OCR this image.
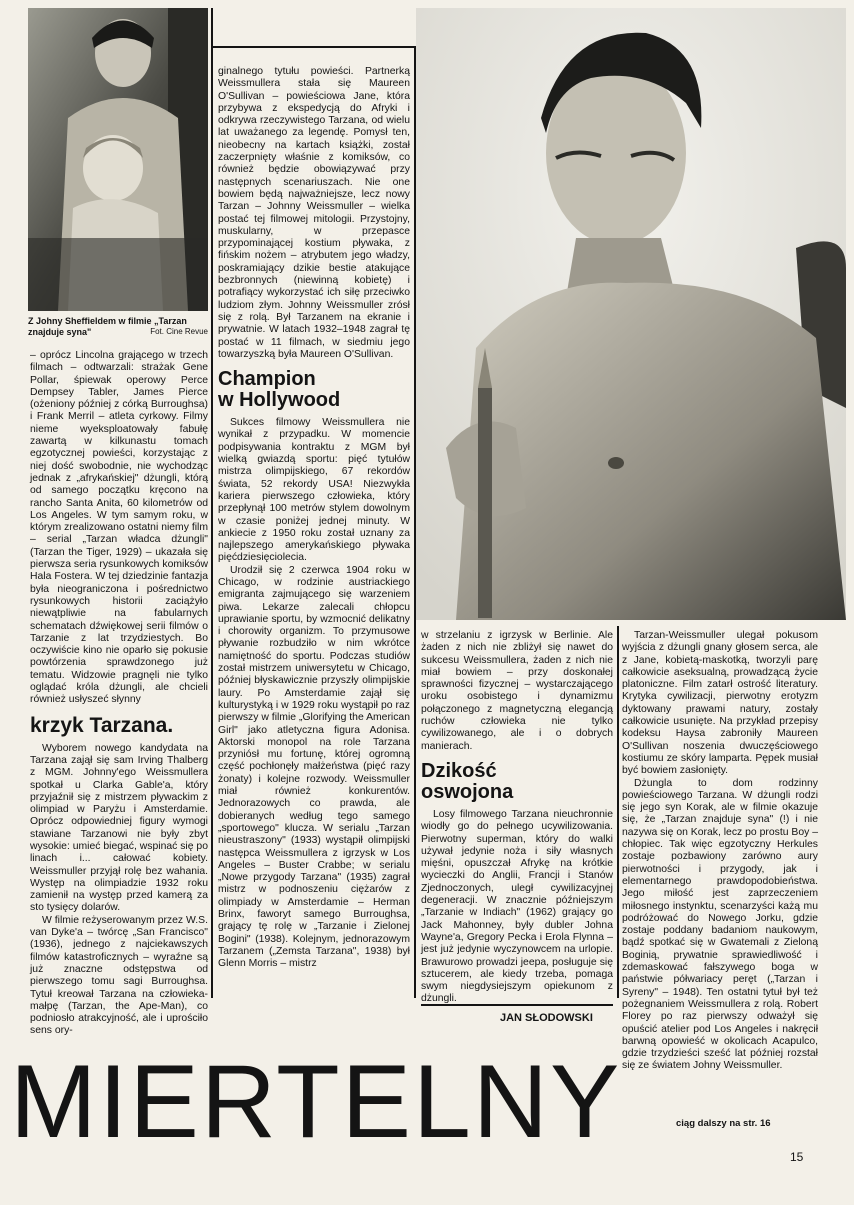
Z Johny Sheffieldem w filmie „Tarzan znajduje syna"	Fot. Cine Revue

– oprócz Lincolna grającego w trzech filmach – odtwarzali: strażak Gene Pollar, śpiewak operowy Perce Dempsey Tabler, James Pierce (ożeniony później z córką Burroughsa) i Frank Merril – atleta cyrkowy. Filmy nieme wyeksploatowały fabułę zawartą w kilkunastu tomach egzotycznej powieści, korzystając z niej dość swobodnie, nie wychodząc jednak z „afrykańskiej" dżungli, którą od samego początku kręcono na rancho Santa Anita, 60 kilometrów od Los Angeles. W tym samym roku, w którym zrealizowano ostatni niemy film – serial „Tarzan władca dżungli" (Tarzan the Tiger, 1929) – ukazała się pierwsza seria rysunkowych komiksów Hala Fostera. W tej dziedzinie fantazja była nieograniczona i pośrednictwo rysunkowych historii zaciążyło niewątpliwie na fabularnych schematach dźwiękowej serii filmów o Tarzanie z lat trzydziestych. Bo oczywiście kino nie oparło się pokusie powtórzenia sprawdzonego już tematu. Widzowie pragnęli nie tylko oglądać króla dżungli, ale chcieli również usłyszeć słynny

krzyk Tarzana.

Wyborem nowego kandydata na Tarzana zajął się sam Irving Thalberg z MGM. Johnny'ego Weissmullera spotkał u Clarka Gable'a, który przyjaźnił się z mistrzem pływackim z olimpiad w Paryżu i Amsterdamie. Oprócz odpowiedniej figury wymogi stawiane Tarzanowi nie były zbyt wysokie: umieć biegać, wspinać się po linach i... całować kobiety. Weissmuller przyjął rolę bez wahania. Występ na olimpiadzie 1932 roku zamienił na występ przed kamerą za sto tysięcy dolarów.

W filmie reżyserowanym przez W.S. van Dyke'a – twórcę „San Francisco" (1936), jednego z najciekawszych filmów katastroficznych – wyraźne są już znaczne odstępstwa od pierwszego tomu sagi Burroughsa. Tytuł kreował Tarzana na człowieka-małpę (Tarzan, the Ape-Man), co podniosło atrakcyjność, ale i uprościło sens ory-

ginalnego tytułu powieści. Partnerką Weissmullera stała się Maureen O'Sullivan – powieściowa Jane, która przybywa z ekspedycją do Afryki i odkrywa rzeczywistego Tarzana, od wielu lat uważanego za legendę. Pomysł ten, nieobecny na kartach książki, został zaczerpnięty właśnie z komiksów, co również będzie obowiązywać przy następnych scenariuszach. Nie one bowiem będą najważniejsze, lecz nowy Tarzan – Johnny Weissmuller – wielka postać tej filmowej mitologii. Przystojny, muskularny, w przepasce przypominającej kostium pływaka, z fińskim nożem – atrybutem jego władzy, poskramiający dzikie bestie atakujące bezbronnych (niewinną kobietę) i potrafiący wykorzystać ich siłę przeciwko ludziom złym. Johnny Weissmuller zrósł się z rolą. Był Tarzanem na ekranie i prywatnie. W latach 1932–1948 zagrał tę postać w 11 filmach, w siedmiu jego towarzyszką była Maureen O'Sullivan.

Champion
w Hollywood

Sukces filmowy Weissmullera nie wynikał z przypadku. W momencie podpisywania kontraktu z MGM był wielką gwiazdą sportu: pięć tytułów mistrza olimpijskiego, 67 rekordów świata, 52 rekordy USA! Niezwykła kariera pierwszego człowieka, który przepłynął 100 metrów stylem dowolnym w czasie poniżej jednej minuty. W ankiecie z 1950 roku został uznany za najlepszego amerykańskiego pływaka pięćdziesięciolecia.

Urodził się 2 czerwca 1904 roku w Chicago, w rodzinie austriackiego emigranta zajmującego się warzeniem piwa. Lekarze zalecali chłopcu uprawianie sportu, by wzmocnić delikatny i chorowity organizm. To przymusowe pływanie rozbudziło w nim wkrótce namiętność do sportu. Podczas studiów został mistrzem uniwersytetu w Chicago, później błyskawicznie przyszły olimpijskie laury. Po Amsterdamie zajął się kulturystyką i w 1929 roku wystąpił po raz pierwszy w filmie „Glorifying the American Girl" jako atletyczna figura Adonisa. Aktorski monopol na role Tarzana przyniósł mu fortunę, której ogromną część pochłonęły małżeństwa (pięć razy żonaty) i kolejne rozwody. Weissmuller miał również konkurentów. Jednorazowych co prawda, ale dobieranych według tego samego „sportowego" klucza. W serialu „Tarzan nieustraszony" (1933) wystąpił olimpijski następca Weissmullera z igrzysk w Los Angeles – Buster Crabbe; w serialu „Nowe przygody Tarzana" (1935) zagrał mistrz w podnoszeniu ciężarów z olimpiady w Amsterdamie – Herman Brinx, faworyt samego Burroughsa, grający tę rolę w „Tarzanie i Zielonej Bogini" (1938). Kolejnym, jednorazowym Tarzanem („Zemsta Tarzana", 1938) był Glenn Morris – mistrz

w strzelaniu z igrzysk w Berlinie. Ale żaden z nich nie zbliżył się nawet do sukcesu Weissmullera, żaden z nich nie miał bowiem – przy doskonałej sprawności fizycznej – wystarczającego uroku osobistego i dynamizmu połączonego z magnetyczną elegancją ruchów człowieka nie tylko cywilizowanego, ale i o dobrych manierach.

Dzikość
oswojona

Losy filmowego Tarzana nieuchronnie wiodły go do pełnego ucywilizowania. Pierwotny superman, który do walki używał jedynie noża i siły własnych mięśni, opuszczał Afrykę na krótkie wycieczki do Anglii, Francji i Stanów Zjednoczonych, uległ cywilizacyjnej degeneracji. W znacznie późniejszym „Tarzanie w Indiach" (1962) grający go Jack Mahonney, były dubler Johna Wayne'a, Gregory Pecka i Erola Flynna – jest już jedynie wyczynowcem na urlopie. Brawurowo prowadzi jeepa, posługuje się sztucerem, ale kiedy trzeba, pomaga swym niegdysiejszym opiekunom z dżungli.

Tarzan-Weissmuller ulegał pokusom wyjścia z dżungli gnany głosem serca, ale z Jane, kobietą-maskotką, tworzyli parę całkowicie aseksualną, prowadzącą życie platoniczne. Film zatarł ostrość literatury. Krytyka cywilizacji, pierwotny erotyzm dyktowany prawami natury, zostały całkowicie usunięte. Na przykład przepisy kodeksu Haysa zabroniły Maureen O'Sullivan noszenia dwuczęściowego kostiumu ze skóry lamparta. Pępek musiał być bowiem zasłonięty.

Dżungla to dom rodzinny powieściowego Tarzana. W dżungli rodzi się jego syn Korak, ale w filmie okazuje się, że „Tarzan znajduje syna" (!) i nie nazywa się on Korak, lecz po prostu Boy – chłopiec. Tak więc egzotyczny Herkules zostaje pozbawiony zarówno aury pierwotności i przygody, jak i elementarnego prawdopodobieństwa. Jego miłość jest zaprzeczeniem miłosnego instynktu, scenarzyści każą mu podróżować do Nowego Jorku, gdzie zostaje poddany badaniom naukowym, bądź spotkać się w Gwatemali z Zieloną Boginią, prywatnie sprawiedliwość i zdemaskować fałszywego boga w państwie półwariacy peręt („Tarzan i Syreny" – 1948). Ten ostatni tytuł był też pożegnaniem Weissmullera z rolą. Robert Florey po raz pierwszy odważył się opuścić atelier pod Los Angeles i nakręcił barwną opowieść w okolicach Acapulco, gdzie trzydzieści sześć lat później rozstał się ze światem Johny Weissmuller.

JAN SŁODOWSKI
MIERTELNY	ciąg dalszy na str. 16
15
